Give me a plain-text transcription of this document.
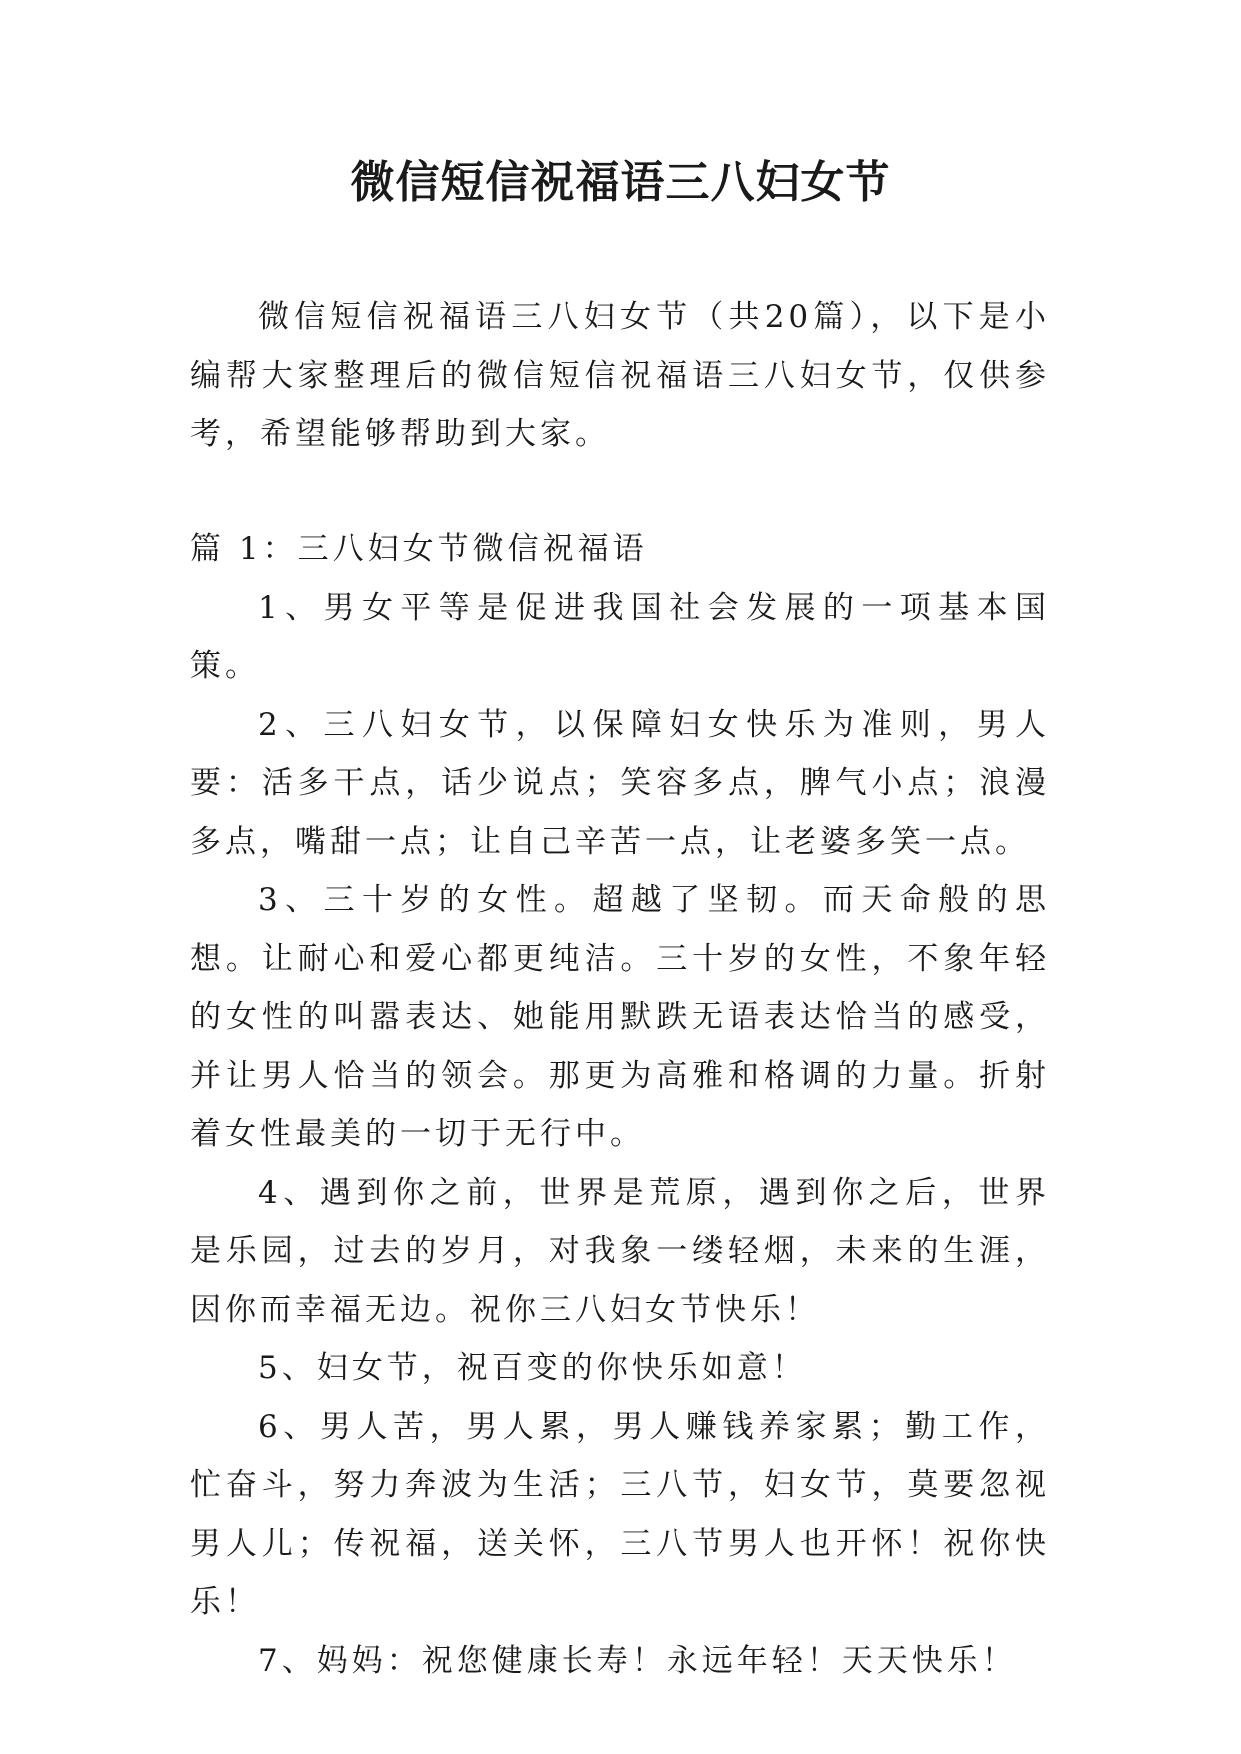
微信短信祝福语三八妇女节

微信短信祝福语三八妇女节（共20篇），以下是小编帮大家整理后的微信短信祝福语三八妇女节，仅供参考，希望能够帮助到大家。

篇 1：三八妇女节微信祝福语

1、男女平等是促进我国社会发展的一项基本国策。

2、三八妇女节，以保障妇女快乐为准则，男人要：活多干点，话少说点；笑容多点，脾气小点；浪漫多点，嘴甜一点；让自己辛苦一点，让老婆多笑一点。

3、三十岁的女性。超越了坚韧。而天命般的思想。让耐心和爱心都更纯洁。三十岁的女性，不象年轻的女性的叫嚣表达、她能用默跌无语表达恰当的感受，并让男人恰当的领会。那更为高雅和格调的力量。折射着女性最美的一切于无行中。

4、遇到你之前，世界是荒原，遇到你之后，世界是乐园，过去的岁月，对我象一缕轻烟，未来的生涯，因你而幸福无边。祝你三八妇女节快乐！

5、妇女节，祝百变的你快乐如意！

6、男人苦，男人累，男人赚钱养家累；勤工作，忙奋斗，努力奔波为生活；三八节，妇女节，莫要忽视男人儿；传祝福，送关怀，三八节男人也开怀！祝你快乐！

7、妈妈：祝您健康长寿！永远年轻！天天快乐！
